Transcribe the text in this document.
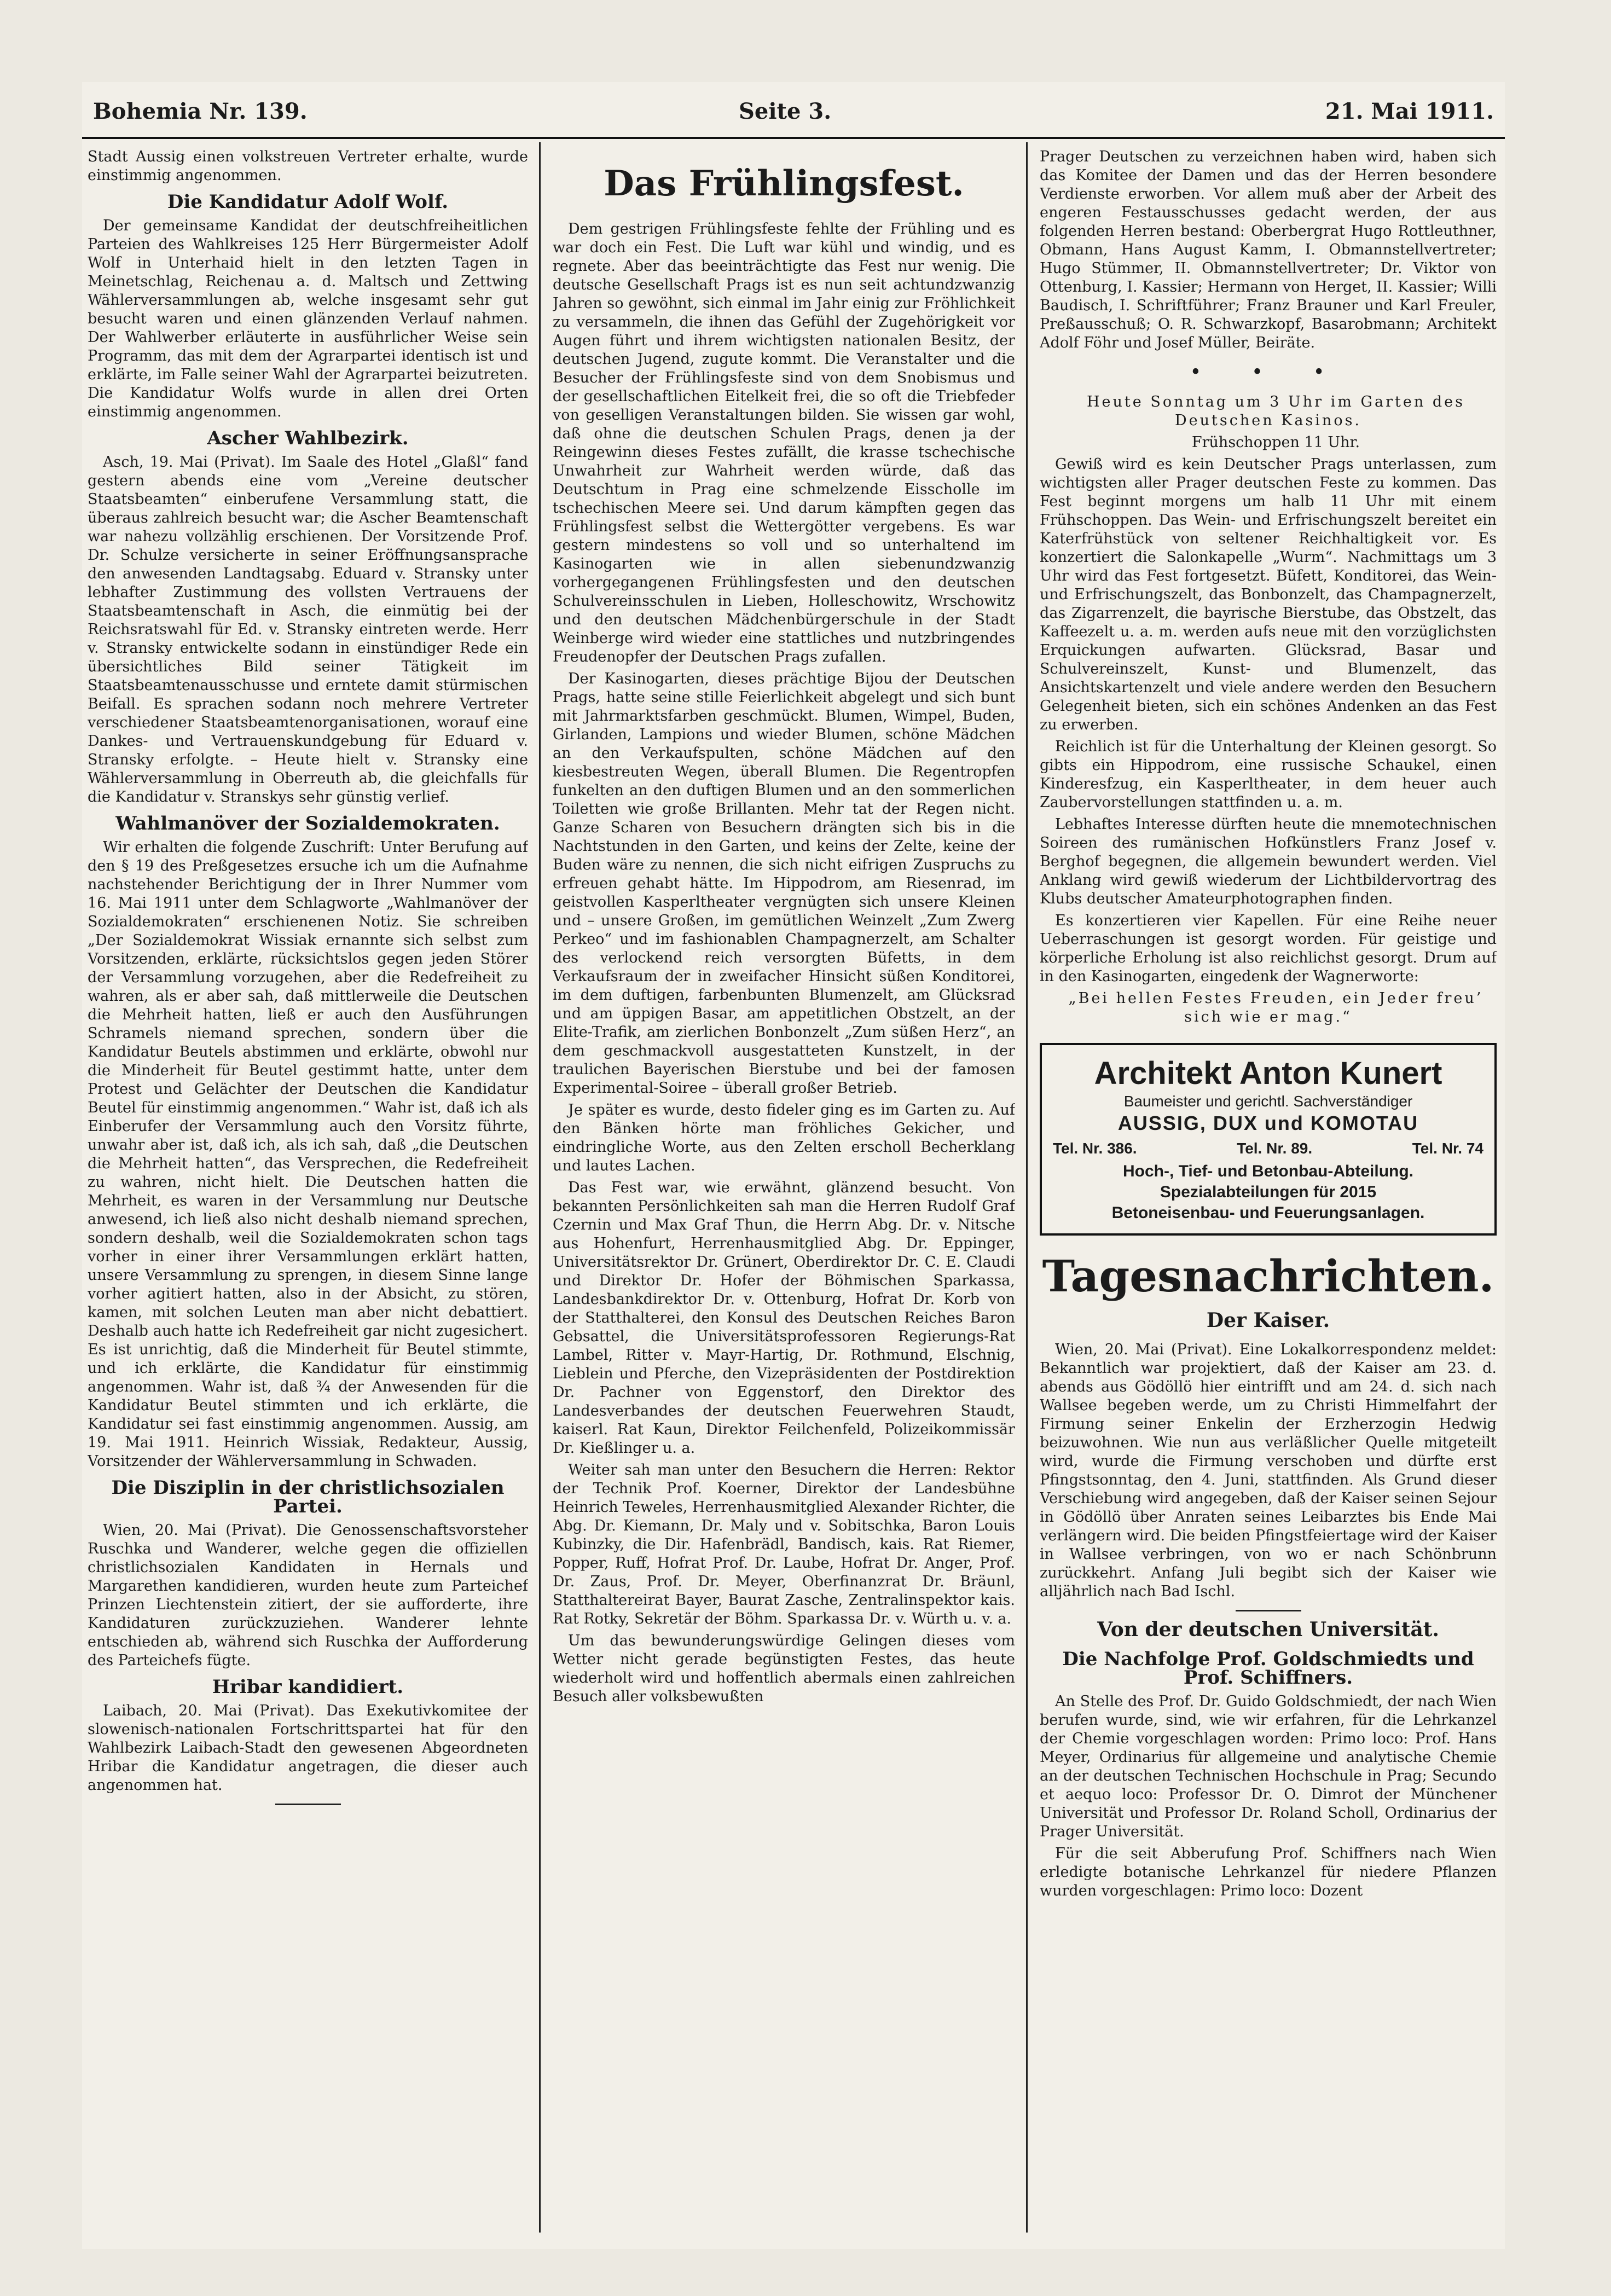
Bohemia Nr. 139.	Seite 3.	21. Mai 1911.

Stadt Aussig einen volkstreuen Vertreter erhalte, wurde einstimmig angenommen.

Die Kandidatur Adolf Wolf.

Der gemeinsame Kandidat der deutschfreiheitlichen Parteien des Wahlkreises 125 Herr Bürgermeister Adolf Wolf in Unterhaid hielt in den letzten Tagen in Meinetschlag, Reichenau a. d. Maltsch und Zettwing Wählerversammlungen ab, welche insgesamt sehr gut besucht waren und einen glänzenden Verlauf nahmen. Der Wahlwerber erläuterte in ausführlicher Weise sein Programm, das mit dem der Agrarpartei identisch ist und erklärte, im Falle seiner Wahl der Agrarpartei beizutreten. Die Kandidatur Wolfs wurde in allen drei Orten einstimmig angenommen.

Ascher Wahlbezirk.

Asch, 19. Mai (Privat). Im Saale des Hotel „Glaßl“ fand gestern abends eine vom „Vereine deutscher Staatsbeamten“ einberufene Versammlung statt, die überaus zahlreich besucht war; die Ascher Beamtenschaft war nahezu vollzählig erschienen. Der Vorsitzende Prof. Dr. Schulze versicherte in seiner Eröffnungsansprache den anwesenden Landtagsabg. Eduard v. Stransky unter lebhafter Zustimmung des vollsten Vertrauens der Staatsbeamtenschaft in Asch, die einmütig bei der Reichsratswahl für Ed. v. Stransky eintreten werde. Herr v. Stransky entwickelte sodann in einstündiger Rede ein übersichtliches Bild seiner Tätigkeit im Staatsbeamtenausschusse und erntete damit stürmischen Beifall. Es sprachen sodann noch mehrere Vertreter verschiedener Staatsbeamtenorganisationen, worauf eine Dankes- und Vertrauenskundgebung für Eduard v. Stransky erfolgte. – Heute hielt v. Stransky eine Wählerversammlung in Oberreuth ab, die gleichfalls für die Kandidatur v. Stranskys sehr günstig verlief.

Wahlmanöver der Sozialdemokraten.

Wir erhalten die folgende Zuschrift: Unter Berufung auf den § 19 des Preßgesetzes ersuche ich um die Aufnahme nachstehender Berichtigung der in Ihrer Nummer vom 16. Mai 1911 unter dem Schlagworte „Wahlmanöver der Sozialdemokraten“ erschienenen Notiz. Sie schreiben „Der Sozialdemokrat Wissiak ernannte sich selbst zum Vorsitzenden, erklärte, rücksichtslos gegen jeden Störer der Versammlung vorzugehen, aber die Redefreiheit zu wahren, als er aber sah, daß mittlerweile die Deutschen die Mehrheit hatten, ließ er auch den Ausführungen Schramels niemand sprechen, sondern über die Kandidatur Beutels abstimmen und erklärte, obwohl nur die Minderheit für Beutel gestimmt hatte, unter dem Protest und Gelächter der Deutschen die Kandidatur Beutel für einstimmig angenommen.“ Wahr ist, daß ich als Einberufer der Versammlung auch den Vorsitz führte, unwahr aber ist, daß ich, als ich sah, daß „die Deutschen die Mehrheit hatten“, das Versprechen, die Redefreiheit zu wahren, nicht hielt. Die Deutschen hatten die Mehrheit, es waren in der Versammlung nur Deutsche anwesend, ich ließ also nicht deshalb niemand sprechen, sondern deshalb, weil die Sozialdemokraten schon tags vorher in einer ihrer Versammlungen erklärt hatten, unsere Versammlung zu sprengen, in diesem Sinne lange vorher agitiert hatten, also in der Absicht, zu stören, kamen, mit solchen Leuten man aber nicht debattiert. Deshalb auch hatte ich Redefreiheit gar nicht zugesichert. Es ist unrichtig, daß die Minderheit für Beutel stimmte, und ich erklärte, die Kandidatur für einstimmig angenommen. Wahr ist, daß ¾ der Anwesenden für die Kandidatur Beutel stimmten und ich erklärte, die Kandidatur sei fast einstimmig angenommen. Aussig, am 19. Mai 1911. Heinrich Wissiak, Redakteur, Aussig, Vorsitzender der Wählerversammlung in Schwaden.

Die Disziplin in der christlichsozialen Partei.

Wien, 20. Mai (Privat). Die Genossenschaftsvorsteher Ruschka und Wanderer, welche gegen die offiziellen christlichsozialen Kandidaten in Hernals und Margarethen kandidieren, wurden heute zum Parteichef Prinzen Liechtenstein zitiert, der sie aufforderte, ihre Kandidaturen zurückzuziehen. Wanderer lehnte entschieden ab, während sich Ruschka der Aufforderung des Parteichefs fügte.

Hribar kandidiert.

Laibach, 20. Mai (Privat). Das Exekutivkomitee der slowenisch-nationalen Fortschrittspartei hat für den Wahlbezirk Laibach-Stadt den gewesenen Abgeordneten Hribar die Kandidatur angetragen, die dieser auch angenommen hat.

Das Frühlingsfest.

Dem gestrigen Frühlingsfeste fehlte der Frühling und es war doch ein Fest. Die Luft war kühl und windig, und es regnete. Aber das beeinträchtigte das Fest nur wenig. Die deutsche Gesellschaft Prags ist es nun seit achtundzwanzig Jahren so gewöhnt, sich einmal im Jahr einig zur Fröhlichkeit zu versammeln, die ihnen das Gefühl der Zugehörigkeit vor Augen führt und ihrem wichtigsten nationalen Besitz, der deutschen Jugend, zugute kommt. Die Veranstalter und die Besucher der Frühlingsfeste sind von dem Snobismus und der gesellschaftlichen Eitelkeit frei, die so oft die Triebfeder von geselligen Veranstaltungen bilden. Sie wissen gar wohl, daß ohne die deutschen Schulen Prags, denen ja der Reingewinn dieses Festes zufällt, die krasse tschechische Unwahrheit zur Wahrheit werden würde, daß das Deutschtum in Prag eine schmelzende Eisscholle im tschechischen Meere sei. Und darum kämpften gegen das Frühlingsfest selbst die Wettergötter vergebens. Es war gestern mindestens so voll und so unterhaltend im Kasinogarten wie in allen siebenundzwanzig vorhergegangenen Frühlingsfesten und den deutschen Schulvereinsschulen in Lieben, Holleschowitz, Wrschowitz und den deutschen Mädchenbürgerschule in der Stadt Weinberge wird wieder eine stattliches und nutzbringendes Freudenopfer der Deutschen Prags zufallen.

Der Kasinogarten, dieses prächtige Bijou der Deutschen Prags, hatte seine stille Feierlichkeit abgelegt und sich bunt mit Jahrmarktsfarben geschmückt. Blumen, Wimpel, Buden, Girlanden, Lampions und wieder Blumen, schöne Mädchen an den Verkaufspulten, schöne Mädchen auf den kiesbestreuten Wegen, überall Blumen. Die Regentropfen funkelten an den duftigen Blumen und an den sommerlichen Toiletten wie große Brillanten. Mehr tat der Regen nicht. Ganze Scharen von Besuchern drängten sich bis in die Nachtstunden in den Garten, und keins der Zelte, keine der Buden wäre zu nennen, die sich nicht eifrigen Zuspruchs zu erfreuen gehabt hätte. Im Hippodrom, am Riesenrad, im geistvollen Kasperltheater vergnügten sich unsere Kleinen und – unsere Großen, im gemütlichen Weinzelt „Zum Zwerg Perkeo“ und im fashionablen Champagnerzelt, am Schalter des verlockend reich versorgten Büfetts, in dem Verkaufsraum der in zweifacher Hinsicht süßen Konditorei, im dem duftigen, farbenbunten Blumenzelt, am Glücksrad und am üppigen Basar, am appetitlichen Obstzelt, an der Elite-Trafik, am zierlichen Bonbonzelt „Zum süßen Herz“, an dem geschmackvoll ausgestatteten Kunstzelt, in der traulichen Bayerischen Bierstube und bei der famosen Experimental-Soiree – überall großer Betrieb.

Je später es wurde, desto fideler ging es im Garten zu. Auf den Bänken hörte man fröhliches Gekicher, und eindringliche Worte, aus den Zelten erscholl Becherklang und lautes Lachen.

Das Fest war, wie erwähnt, glänzend besucht. Von bekannten Persönlichkeiten sah man die Herren Rudolf Graf Czernin und Max Graf Thun, die Herrn Abg. Dr. v. Nitsche aus Hohenfurt, Herrenhausmitglied Abg. Dr. Eppinger, Universitätsrektor Dr. Grünert, Oberdirektor Dr. C. E. Claudi und Direktor Dr. Hofer der Böhmischen Sparkassa, Landesbankdirektor Dr. v. Ottenburg, Hofrat Dr. Korb von der Statthalterei, den Konsul des Deutschen Reiches Baron Gebsattel, die Universitätsprofessoren Regierungs-Rat Lambel, Ritter v. Mayr-Hartig, Dr. Rothmund, Elschnig, Lieblein und Pferche, den Vizepräsidenten der Postdirektion Dr. Pachner von Eggenstorf, den Direktor des Landesverbandes der deutschen Feuerwehren Staudt, kaiserl. Rat Kaun, Direktor Feilchenfeld, Polizeikommissär Dr. Kießlinger u. a.

Weiter sah man unter den Besuchern die Herren: Rektor der Technik Prof. Koerner, Direktor der Landesbühne Heinrich Teweles, Herrenhausmitglied Alexander Richter, die Abg. Dr. Kiemann, Dr. Maly und v. Sobitschka, Baron Louis Kubinzky, die Dir. Hafenbrädl, Bandisch, kais. Rat Riemer, Popper, Ruff, Hofrat Prof. Dr. Laube, Hofrat Dr. Anger, Prof. Dr. Zaus, Prof. Dr. Meyer, Oberfinanzrat Dr. Bräunl, Statthaltereirat Bayer, Baurat Zasche, Zentralinspektor kais. Rat Rotky, Sekretär der Böhm. Sparkassa Dr. v. Würth u. v. a.

Um das bewunderungswürdige Gelingen dieses vom Wetter nicht gerade begünstigten Festes, das heute wiederholt wird und hoffentlich abermals einen zahlreichen Besuch aller volksbewußten

Prager Deutschen zu verzeichnen haben wird, haben sich das Komitee der Damen und das der Herren besondere Verdienste erworben. Vor allem muß aber der Arbeit des engeren Festausschusses gedacht werden, der aus folgenden Herren bestand: Oberbergrat Hugo Rottleuthner, Obmann, Hans August Kamm, I. Obmannstellvertreter; Hugo Stümmer, II. Obmannstellvertreter; Dr. Viktor von Ottenburg, I. Kassier; Hermann von Herget, II. Kassier; Willi Baudisch, I. Schriftführer; Franz Brauner und Karl Freuler, Preßausschuß; O. R. Schwarzkopf, Basarobmann; Architekt Adolf Föhr und Josef Müller, Beiräte.

• • •

Heute Sonntag um 3 Uhr im Garten des Deutschen Kasinos.

Frühschoppen 11 Uhr.

Gewiß wird es kein Deutscher Prags unterlassen, zum wichtigsten aller Prager deutschen Feste zu kommen. Das Fest beginnt morgens um halb 11 Uhr mit einem Frühschoppen. Das Wein- und Erfrischungszelt bereitet ein Katerfrühstück von seltener Reichhaltigkeit vor. Es konzertiert die Salonkapelle „Wurm“. Nachmittags um 3 Uhr wird das Fest fortgesetzt. Büfett, Konditorei, das Wein- und Erfrischungszelt, das Bonbonzelt, das Champagnerzelt, das Zigarrenzelt, die bayrische Bierstube, das Obstzelt, das Kaffeezelt u. a. m. werden aufs neue mit den vorzüglichsten Erquickungen aufwarten. Glücksrad, Basar und Schulvereinszelt, Kunst- und Blumenzelt, das Ansichtskartenzelt und viele andere werden den Besuchern Gelegenheit bieten, sich ein schönes Andenken an das Fest zu erwerben.

Reichlich ist für die Unterhaltung der Kleinen gesorgt. So gibts ein Hippodrom, eine russische Schaukel, einen Kinderesfzug, ein Kasperltheater, in dem heuer auch Zaubervorstellungen stattfinden u. a. m.

Lebhaftes Interesse dürften heute die mnemotechnischen Soireen des rumänischen Hofkünstlers Franz Josef v. Berghof begegnen, die allgemein bewundert werden. Viel Anklang wird gewiß wiederum der Lichtbildervortrag des Klubs deutscher Amateurphotographen finden.

Es konzertieren vier Kapellen. Für eine Reihe neuer Ueberraschungen ist gesorgt worden. Für geistige und körperliche Erholung ist also reichlichst gesorgt. Drum auf in den Kasinogarten, eingedenk der Wagnerworte:

„Bei hellen Festes Freuden, ein Jeder freu’ sich wie er mag.“

Architekt Anton Kunert
Baumeister und gerichtl. Sachverständiger
AUSSIG, DUX und KOMOTAU
Tel. Nr. 386.	Tel. Nr. 89.	Tel. Nr. 74
Hoch-, Tief- und Betonbau-Abteilung.
Spezialabteilungen für 2015
Betoneisenbau- und Feuerungsanlagen.
Tagesnachrichten.
Der Kaiser.

Wien, 20. Mai (Privat). Eine Lokalkorrespondenz meldet: Bekanntlich war projektiert, daß der Kaiser am 23. d. abends aus Gödöllö hier eintrifft und am 24. d. sich nach Wallsee begeben werde, um zu Christi Himmelfahrt der Firmung seiner Enkelin der Erzherzogin Hedwig beizuwohnen. Wie nun aus verläßlicher Quelle mitgeteilt wird, wurde die Firmung verschoben und dürfte erst Pfingstsonntag, den 4. Juni, stattfinden. Als Grund dieser Verschiebung wird angegeben, daß der Kaiser seinen Sejour in Gödöllö über Anraten seines Leibarztes bis Ende Mai verlängern wird. Die beiden Pfingstfeiertage wird der Kaiser in Wallsee verbringen, von wo er nach Schönbrunn zurückkehrt. Anfang Juli begibt sich der Kaiser wie alljährlich nach Bad Ischl.

Von der deutschen Universität.
Die Nachfolge Prof. Goldschmiedts und Prof. Schiffners.

An Stelle des Prof. Dr. Guido Goldschmiedt, der nach Wien berufen wurde, sind, wie wir erfahren, für die Lehrkanzel der Chemie vorgeschlagen worden: Primo loco: Prof. Hans Meyer, Ordinarius für allgemeine und analytische Chemie an der deutschen Technischen Hochschule in Prag; Secundo et aequo loco: Professor Dr. O. Dimrot der Münchener Universität und Professor Dr. Roland Scholl, Ordinarius der Prager Universität.

Für die seit Abberufung Prof. Schiffners nach Wien erledigte botanische Lehrkanzel für niedere Pflanzen wurden vorgeschlagen: Primo loco: Dozent
